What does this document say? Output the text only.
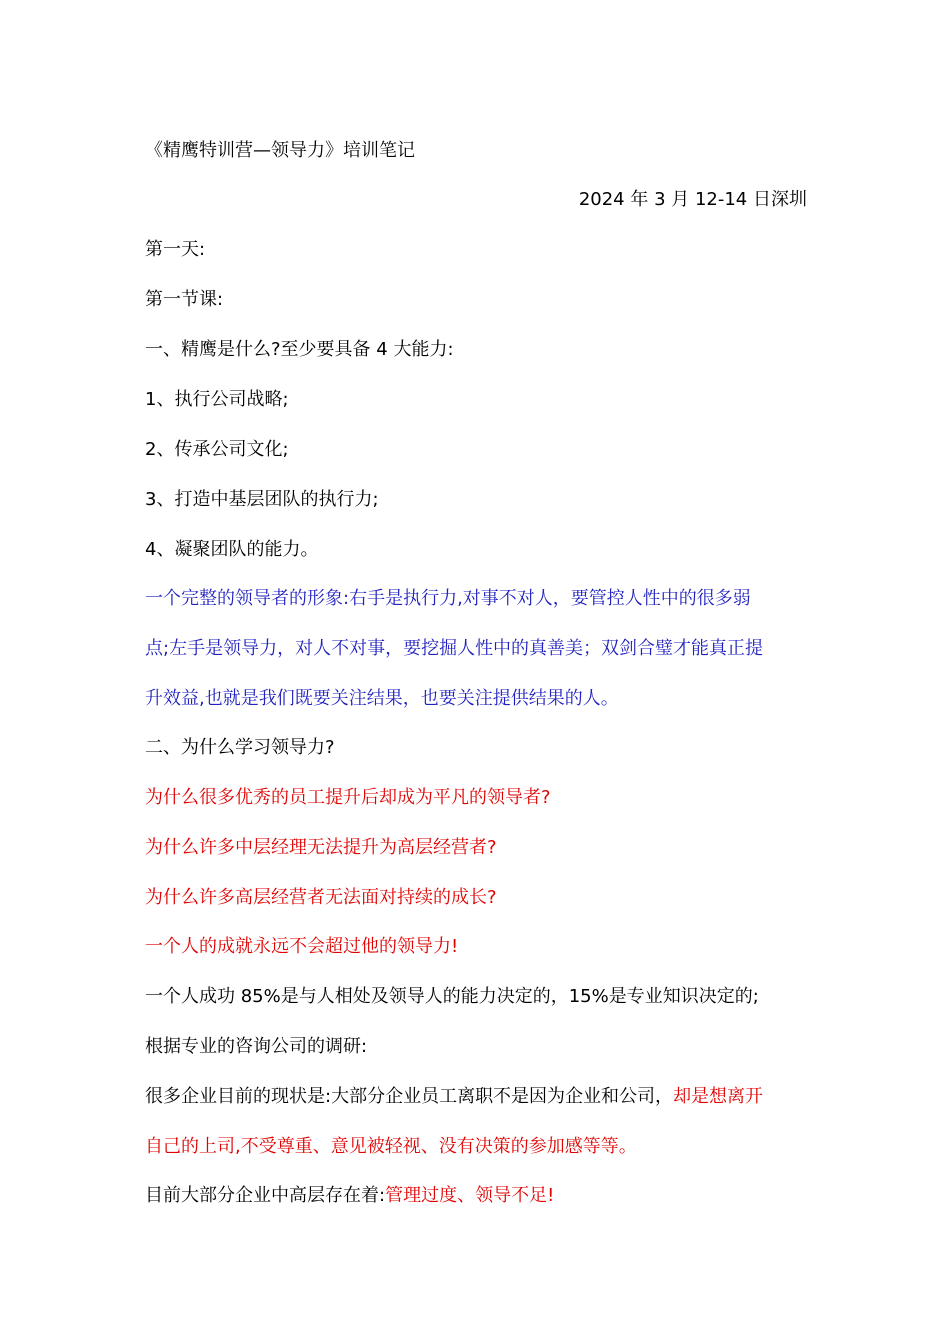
《精鹰特训营—领导力》培训笔记
2024 年 3 月 12-14 日深圳
第一天:
第一节课:
一、精鹰是什么?至少要具备 4 大能力:
1、执行公司战略;
2、传承公司文化;
3、打造中基层团队的执行力;
4、凝聚团队的能力。
一个完整的领导者的形象:右手是执行力,对事不对人，要管控人性中的很多弱
点;左手是领导力，对人不对事，要挖掘人性中的真善美；双剑合璧才能真正提
升效益,也就是我们既要关注结果，也要关注提供结果的人。
二、为什么学习领导力?
为什么很多优秀的员工提升后却成为平凡的领导者?
为什么许多中层经理无法提升为高层经营者?
为什么许多高层经营者无法面对持续的成长?
一个人的成就永远不会超过他的领导力!
一个人成功 85%是与人相处及领导人的能力决定的，15%是专业知识决定的;
根据专业的咨询公司的调研:
很多企业目前的现状是:大部分企业员工离职不是因为企业和公司，却是想离开
自己的上司,不受尊重、意见被轻视、没有决策的参加感等等。
目前大部分企业中高层存在着:管理过度、领导不足!
